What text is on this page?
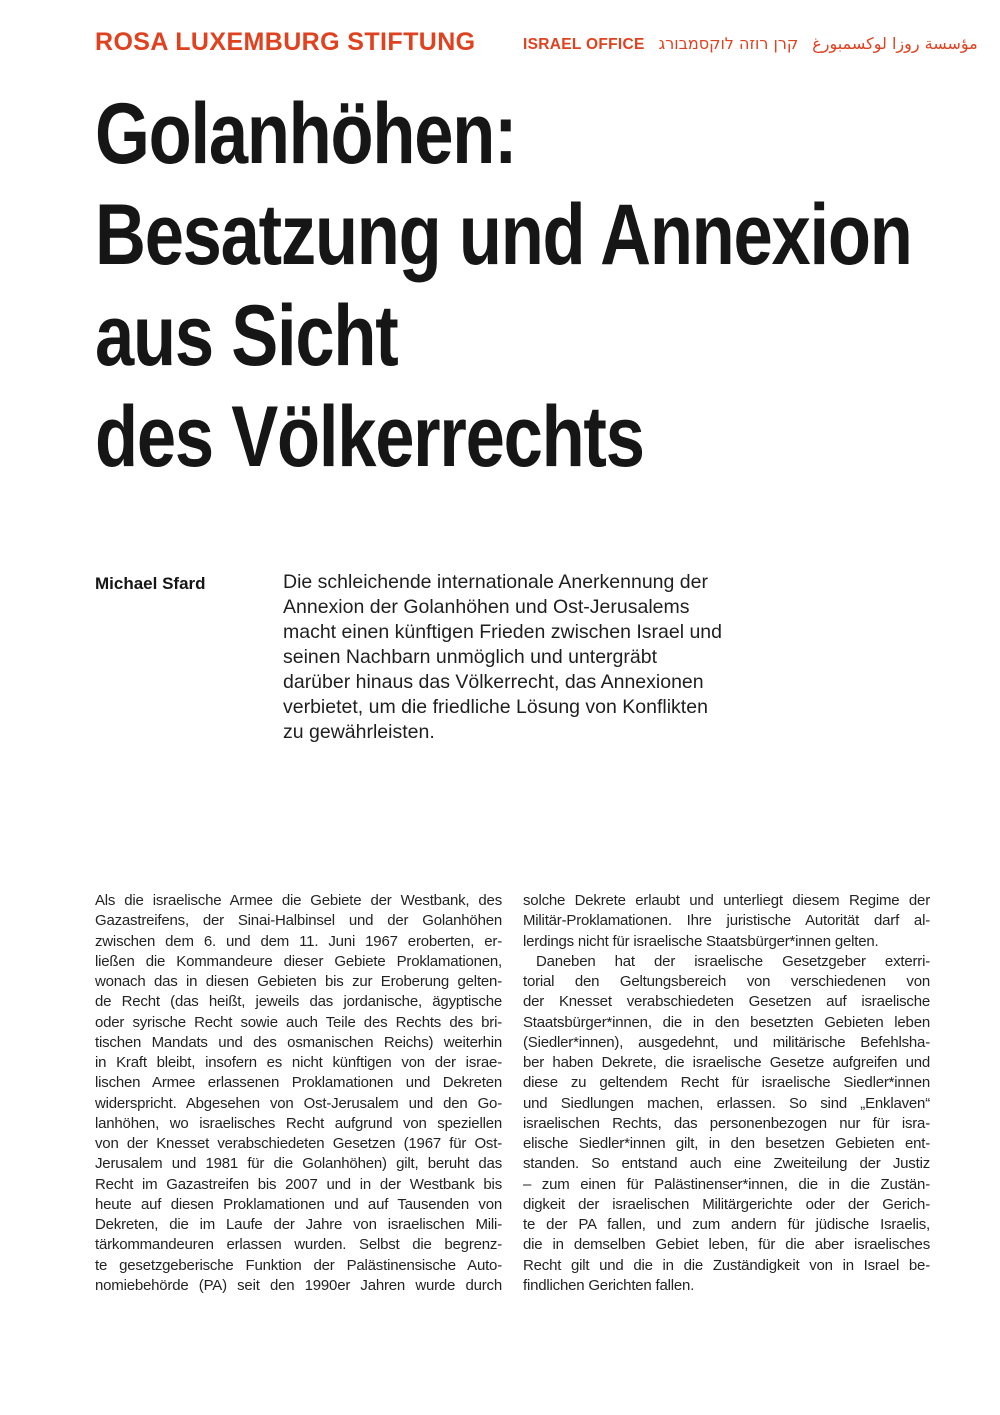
ROSA LUXEMBURG STIFTUNG	ISRAEL OFFICE קרן רוזה לוקסמבורג مؤسسة روزا لوكسمبورغ
Golanhöhen:
Besatzung und Annexion
aus Sicht
des Völkerrechts
Michael Sfard	Die schleichende internationale Anerkennung der
Annexion der Golanhöhen und Ost-Jerusalems
macht einen künftigen Frieden zwischen Israel und
seinen Nachbarn unmöglich und untergräbt
darüber hinaus das Völkerrecht, das Annexionen
verbietet, um die friedliche Lösung von Konflikten
zu gewährleisten.
Als die israelische Armee die Gebiete der Westbank, des
Gazastreifens, der Sinai-Halbinsel und der Golanhöhen
zwischen dem 6. und dem 11. Juni 1967 eroberten, er-
ließen die Kommandeure dieser Gebiete Proklamationen,
wonach das in diesen Gebieten bis zur Eroberung gelten-
de Recht (das heißt, jeweils das jordanische, ägyptische
oder syrische Recht sowie auch Teile des Rechts des bri-
tischen Mandats und des osmanischen Reichs) weiterhin
in Kraft bleibt, insofern es nicht künftigen von der israe-
lischen Armee erlassenen Proklamationen und Dekreten
widerspricht. Abgesehen von Ost-Jerusalem und den Go-
lanhöhen, wo israelisches Recht aufgrund von speziellen
von der Knesset verabschiedeten Gesetzen (1967 für Ost-
Jerusalem und 1981 für die Golanhöhen) gilt, beruht das
Recht im Gazastreifen bis 2007 und in der Westbank bis
heute auf diesen Proklamationen und auf Tausenden von
Dekreten, die im Laufe der Jahre von israelischen Mili-
tärkommandeuren erlassen wurden. Selbst die begrenz-
te gesetzgeberische Funktion der Palästinensische Auto-
nomiebehörde (PA) seit den 1990er Jahren wurde durch
solche Dekrete erlaubt und unterliegt diesem Regime der
Militär-Proklamationen. Ihre juristische Autorität darf al-
lerdings nicht für israelische Staatsbürger*innen gelten.
Daneben hat der israelische Gesetzgeber exterri-
torial den Geltungsbereich von verschiedenen von
der Knesset verabschiedeten Gesetzen auf israelische
Staatsbürger*innen, die in den besetzten Gebieten leben
(Siedler*innen), ausgedehnt, und militärische Befehlsha-
ber haben Dekrete, die israelische Gesetze aufgreifen und
diese zu geltendem Recht für israelische Siedler*innen
und Siedlungen machen, erlassen. So sind „Enklaven“
israelischen Rechts, das personenbezogen nur für isra-
elische Siedler*innen gilt, in den besetzen Gebieten ent-
standen. So entstand auch eine Zweiteilung der Justiz
– zum einen für Palästinenser*innen, die in die Zustän-
digkeit der israelischen Militärgerichte oder der Gerich-
te der PA fallen, und zum andern für jüdische Israelis,
die in demselben Gebiet leben, für die aber israelisches
Recht gilt und die in die Zuständigkeit von in Israel be-
findlichen Gerichten fallen.
